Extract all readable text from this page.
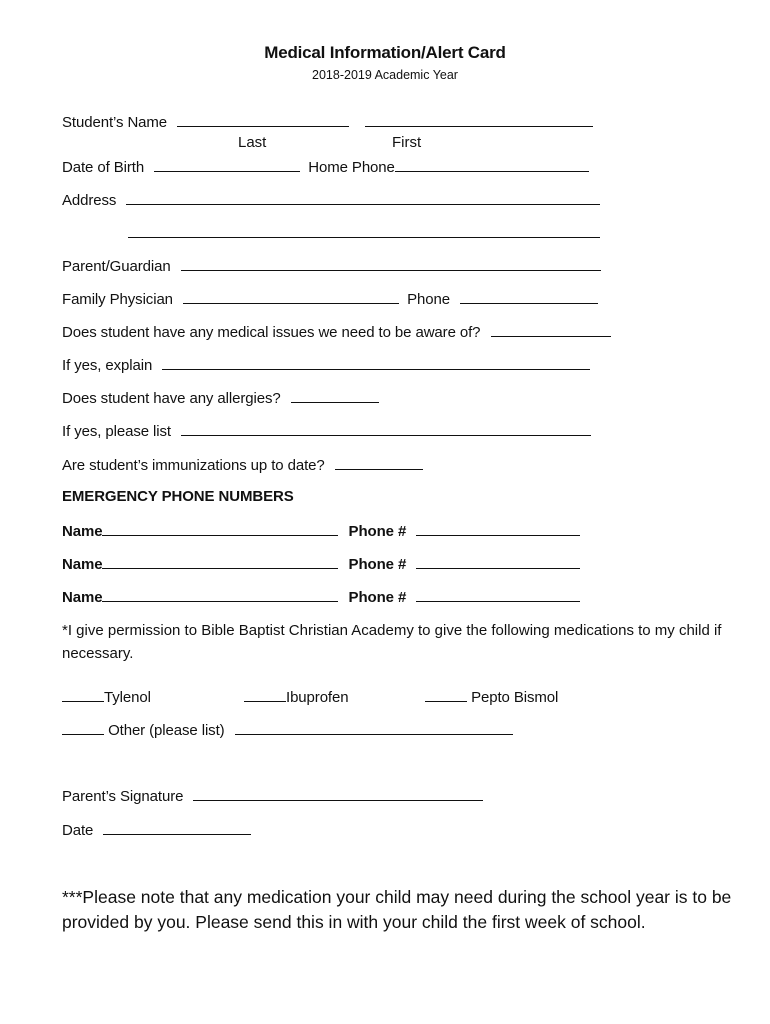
Medical Information/Alert Card
2018-2019 Academic Year
Student’s Name
Last	First
Date of Birth	Home Phone
Address
Parent/Guardian
Family Physician	Phone
Does student have any medical issues we need to be aware of?
If yes, explain
Does student have any allergies?
If yes, please list
Are student’s immunizations up to date?
EMERGENCY PHONE NUMBERS
Name	Phone #
Name	Phone #
Name	Phone #
*I give permission to Bible Baptist Christian Academy to give the following medications to my child if necessary.
Tylenol	Ibuprofen	Pepto Bismol
Other (please list)
Parent’s Signature
Date
***Please note that any medication your child may need during the school year is to be provided by you. Please send this in with your child the first week of school.
